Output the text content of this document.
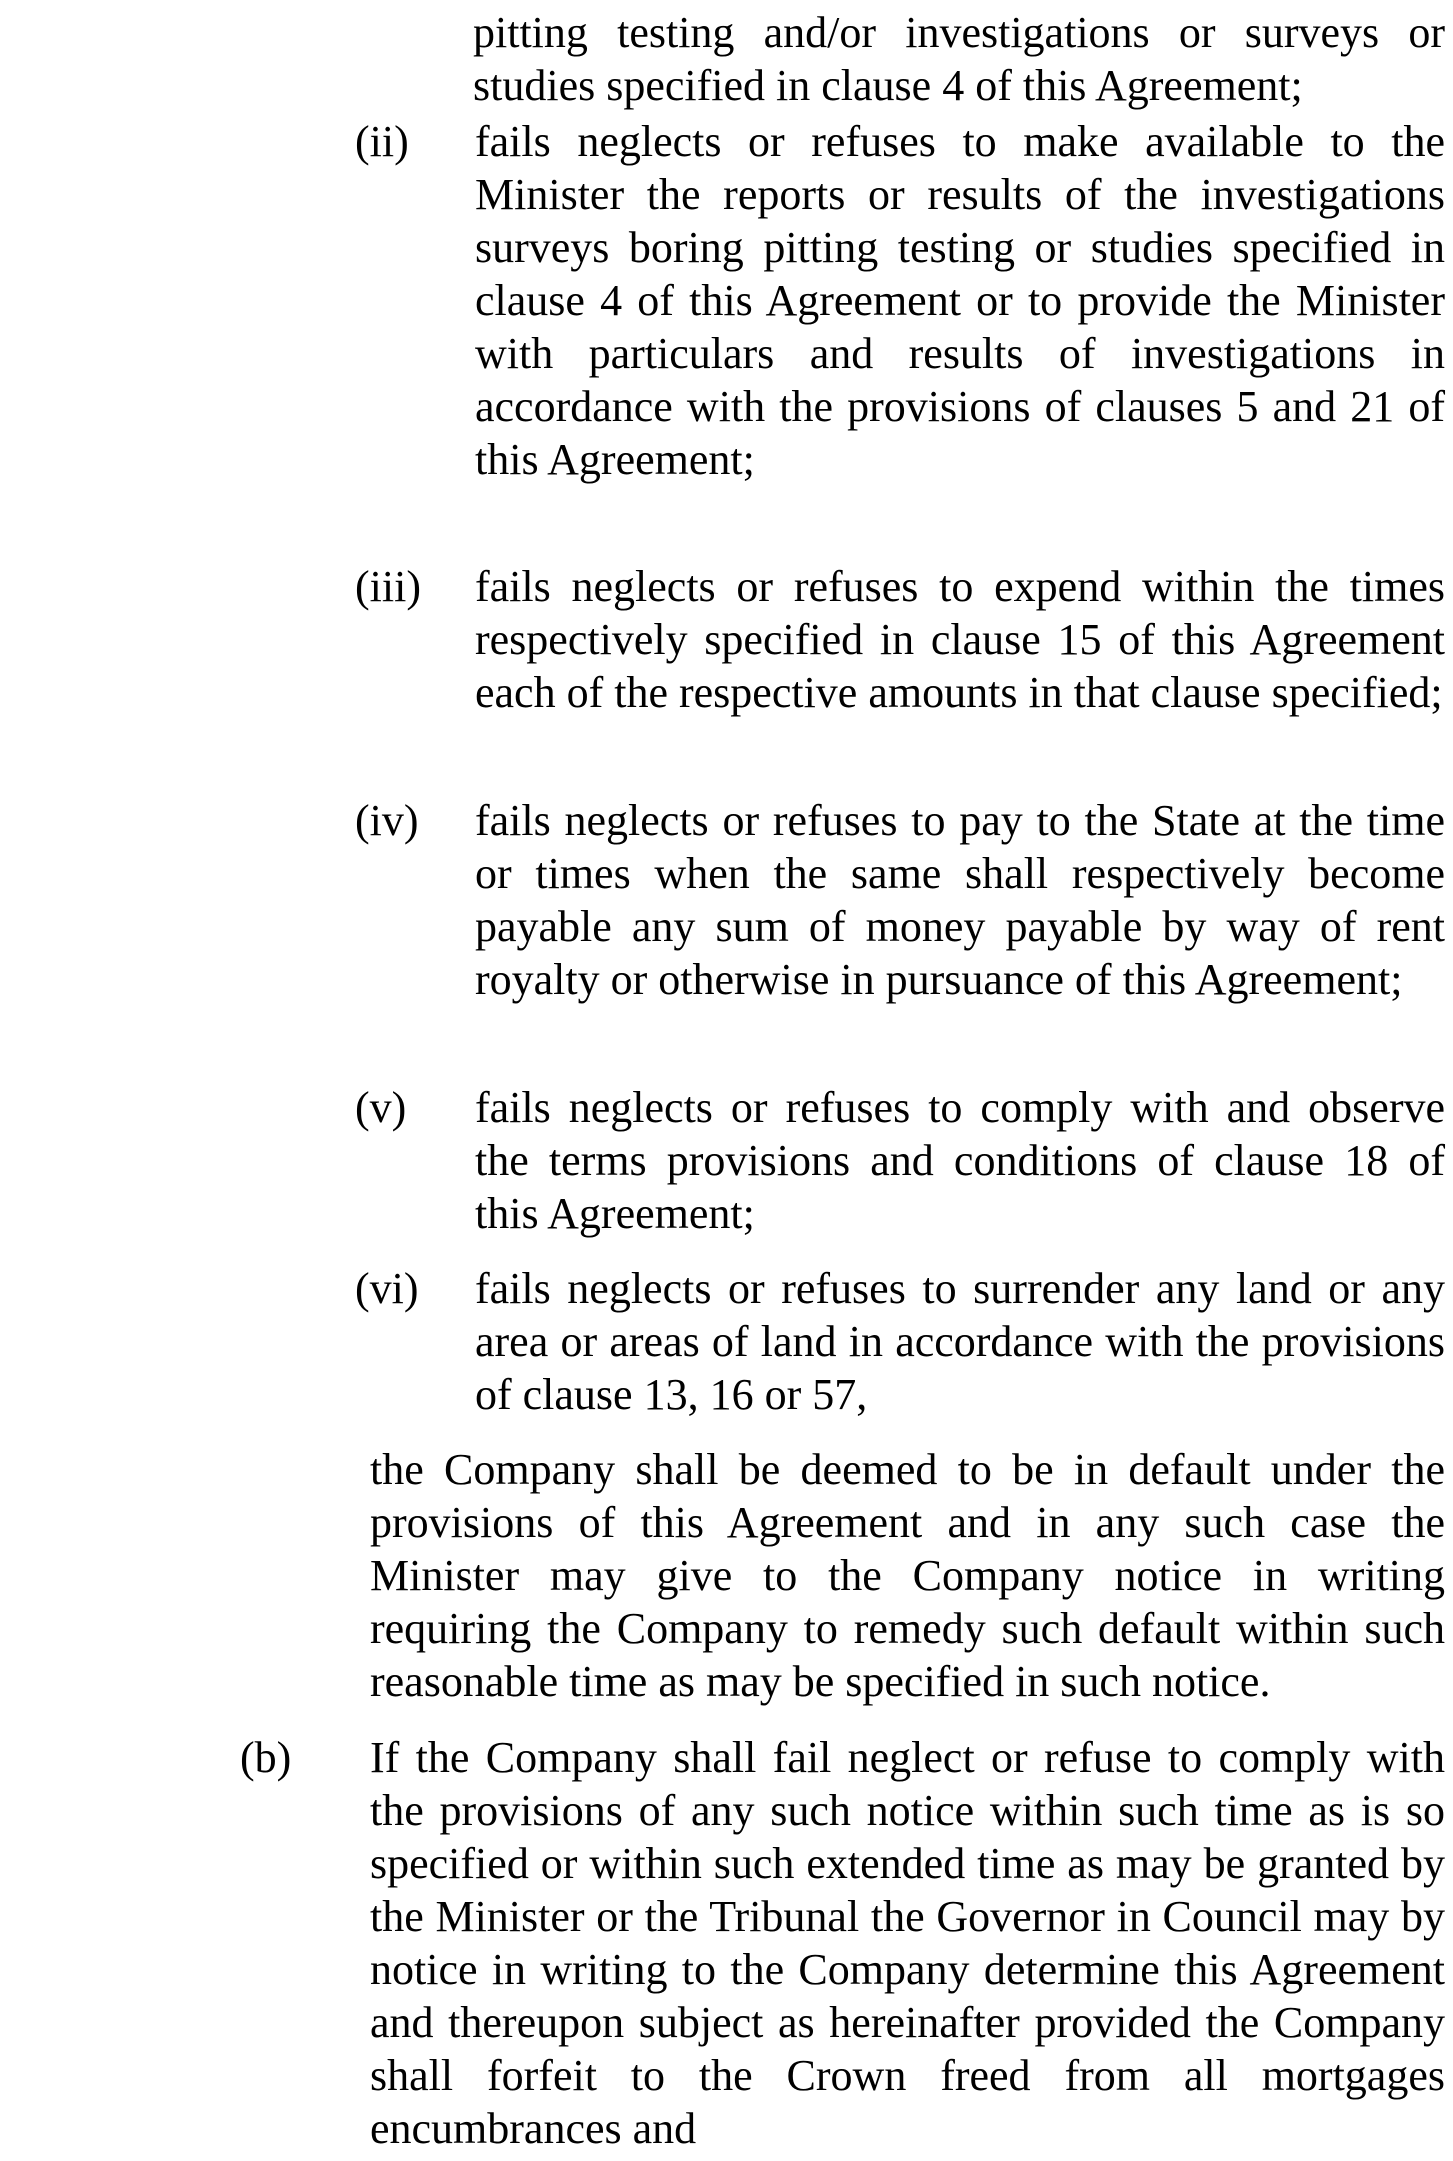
pitting testing and/or investigations or surveys or studies specified in clause 4 of this Agreement;

(ii)	fails neglects or refuses to make available to the Minister the reports or results of the investigations surveys boring pitting testing or studies specified in clause 4 of this Agreement or to provide the Minister with particulars and results of investigations in accordance with the provisions of clauses 5 and 21 of this Agreement;
(iii)	fails neglects or refuses to expend within the times respectively specified in clause 15 of this Agreement each of the respective amounts in that clause specified;
(iv)	fails neglects or refuses to pay to the State at the time or times when the same shall respectively become payable any sum of money payable by way of rent royalty or otherwise in pursuance of this Agreement;
(v)	fails neglects or refuses to comply with and observe the terms provisions and conditions of clause 18 of this Agreement;
(vi)	fails neglects or refuses to surrender any land or any area or areas of land in accordance with the provisions of clause 13, 16 or 57,

the Company shall be deemed to be in default under the provisions of this Agreement and in any such case the Minister may give to the Company notice in writing requiring the Company to remedy such default within such reasonable time as may be specified in such notice.

(b)	If the Company shall fail neglect or refuse to comply with the provisions of any such notice within such time as is so specified or within such extended time as may be granted by the Minister or the Tribunal the Governor in Council may by notice in writing to the Company determine this Agreement and thereupon subject as hereinafter provided the Company shall forfeit to the Crown freed from all mortgages encumbrances and
